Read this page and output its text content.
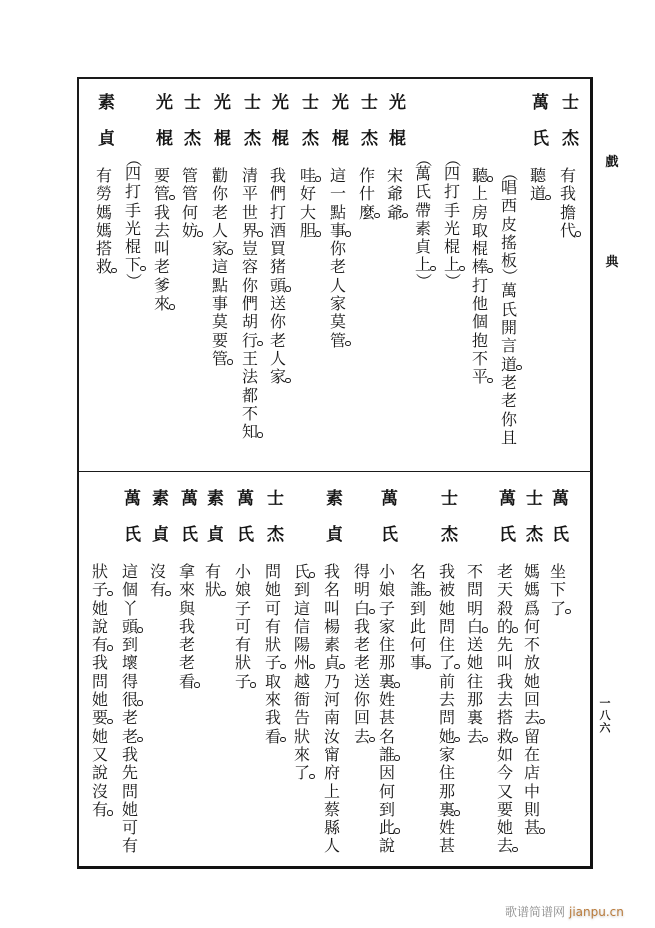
戲
典
一八六
士杰
有
我
擔
代
萬氏
聽
道
（
唱
西
皮
搖
板
）
萬
氏
開
言
道
老
老
你
且
聽
上
房
取
棍
棒
打
他
個
抱
不
平
（
四
打
手
光
棍
上
）
（
萬
氏
帶
素
貞
上
）
光棍
宋
爺
爺
士杰
作
什
麼
光棍
這
一
點
事
你
老
人
家
莫
管
士杰
哇
好
大
胆
光棍
我
們
打
酒
買
猪
頭
送
你
老
人
家
士杰
清
平
世
界
豈
容
你
們
胡
行
王
法
都
不
知
光棍
勸
你
老
人
家
這
點
事
莫
要
管
士杰
管
管
何
妨
光棍
要
管
我
去
叫
老
爹
來
（
四
打
手
光
棍
下
）
素貞
有
勞
媽
媽
搭
救
萬氏
坐
下
了
士杰
媽
媽
爲
何
不
放
她
回
去
留
在
店
中
則
甚
萬氏
老
天
殺
的
先
叫
我
去
搭
救
如
今
又
要
她
去
不
問
明
白
送
她
往
那
裏
去
士杰
我
被
她
問
住
了
前
去
問
她
家
住
那
裏
姓
甚
名
誰
到
此
何
事
萬氏
小
娘
子
家
住
那
裏
姓
甚
名
誰
因
何
到
此
說
得
明
白
我
老
老
送
你
回
去
素貞
我
名
叫
楊
素
貞
乃
河
南
汝
甯
府
上
蔡
縣
人
氏
到
這
信
陽
州
越
衙
告
狀
來
了
士杰
問
她
可
有
狀
子
取
來
我
看
萬氏
小
娘
子
可
有
狀
子
素貞
有
狀
萬氏
拿
來
與
我
老
老
看
素貞
沒
有
萬氏
這
個
丫
頭
到
壞
得
很
老
老
我
先
問
她
可
有
狀
子
她
說
有
我
問
她
要
她
又
說
沒
有
歌谱简谱网 jianpu.cn
